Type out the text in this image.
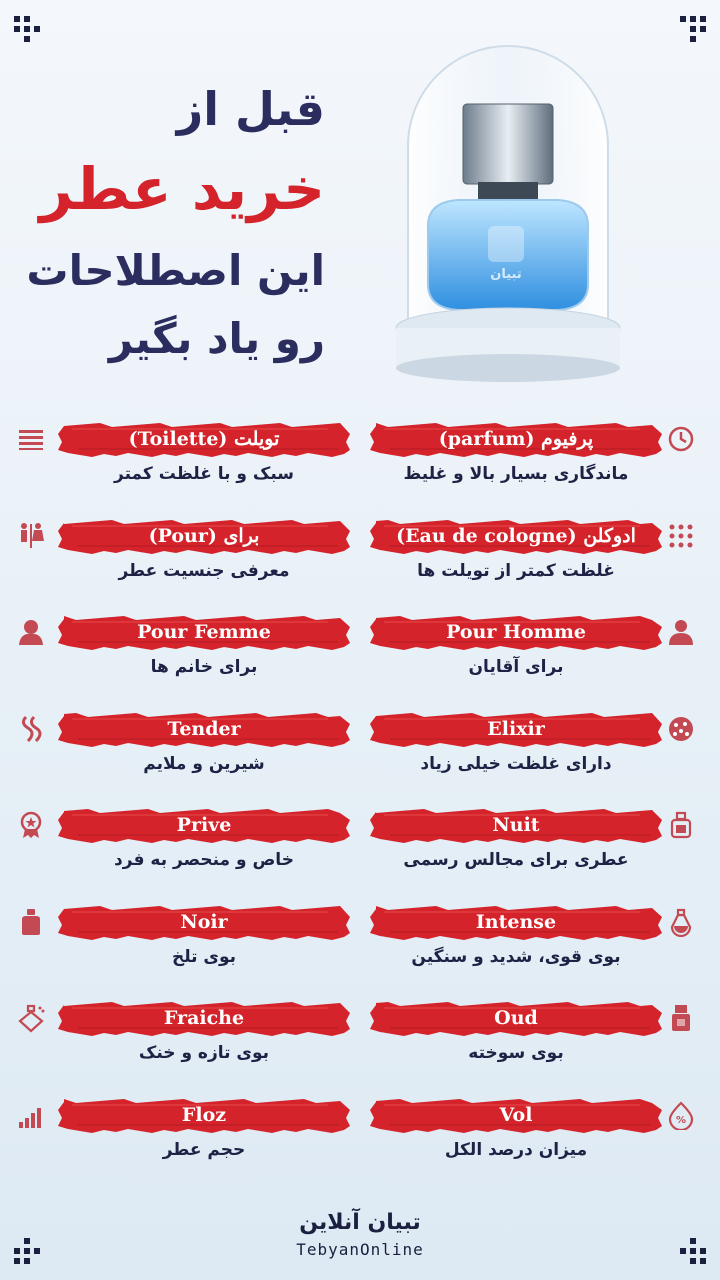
قبل از
خرید عطر
این اصطلاحات
رو یاد بگیر
تبیان
پرفیوم (parfum)
ماندگاری بسیار بالا و غلیظ
تویلت (Toilette)
سبک و با غلظت کمتر
ادوکلن (Eau de cologne)
غلظت کمتر از تویلت ها
برای (Pour)
معرفی جنسیت عطر
Pour Homme
برای آقایان
Pour Femme
برای خانم ها
Elixir
دارای غلظت خیلی زیاد
Tender
شیرین و ملایم
Nuit
عطری برای مجالس رسمی
Prive
خاص و منحصر به فرد
Intense
بوی قوی، شدید و سنگین
Noir
بوی تلخ
Oud
بوی سوخته
Fraiche
بوی تازه و خنک
Vol
میزان درصد الکل
%
Floz
حجم عطر
تبیان آنلاین
TebyanOnline
